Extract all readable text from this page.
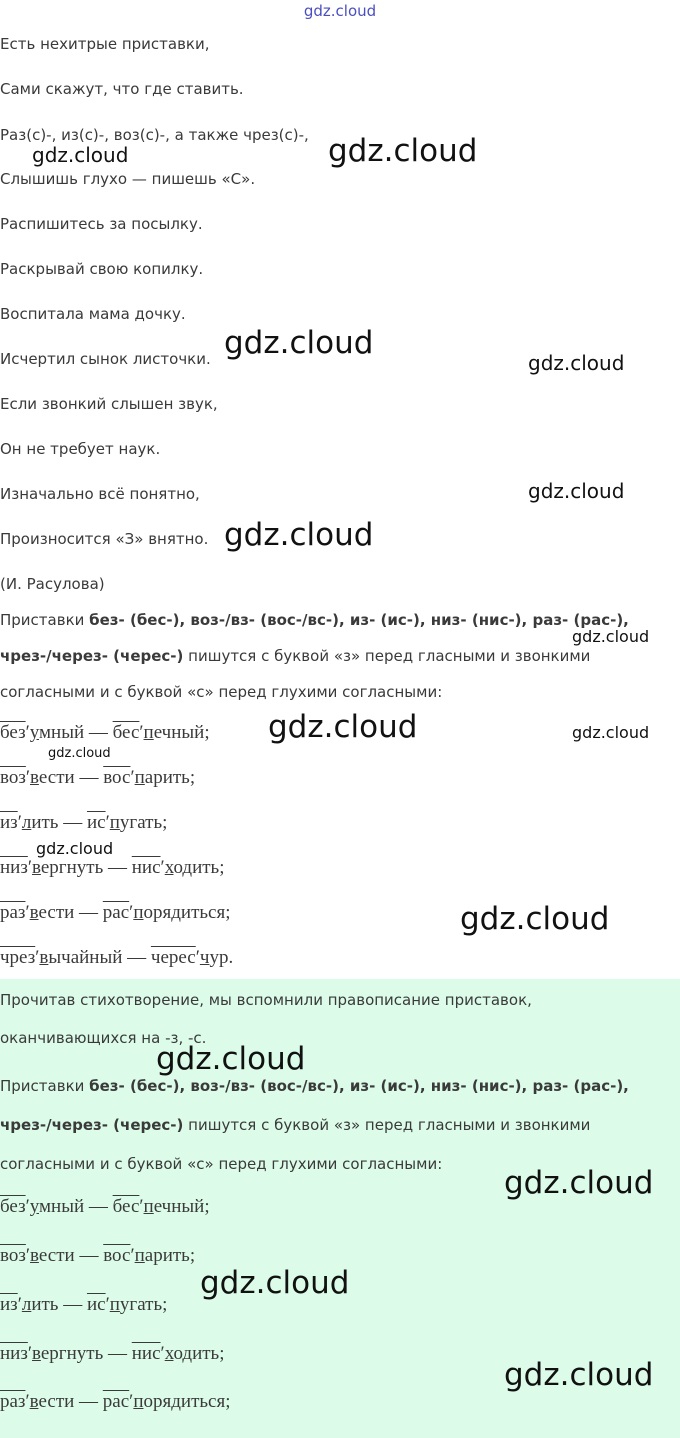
gdz.cloud
Есть нехитрые приставки,
Сами скажут, что где ставить.
Раз(с)-, из(с)-, воз(с)-, а также чрез(с)-,
Слышишь глухо — пишешь «С».
Распишитесь за посылку.
Раскрывай свою копилку.
Воспитала мама дочку.
Исчертил сынок листочки.
Если звонкий слышен звук,
Он не требует наук.
Изначально всё понятно,
Произносится «З» внятно.
(И. Расулова)
Приставки без- (бес-), воз-/вз- (вос-/вс-), из- (ис-), низ- (нис-), раз- (рас-),
чрез-/через- (черес-) пишутся с буквой «з» перед гласными и звонкими
согласными и с буквой «с» перед глухими согласными:
без′умный — бес′печный;
воз′вести — вос′парить;
из′лить — ис′пугать;
низ′вергнуть — нис′ходить;
раз′вести — рас′порядиться;
чрез′вычайный — черес′чур.
Прочитав стихотворение, мы вспомнили правописание приставок,
оканчивающихся на -з, -с.
Приставки без- (бес-), воз-/вз- (вос-/вс-), из- (ис-), низ- (нис-), раз- (рас-),
чрез-/через- (черес-) пишутся с буквой «з» перед гласными и звонкими
согласными и с буквой «с» перед глухими согласными:
без′умный — бес′печный;
воз′вести — вос′парить;
из′лить — ис′пугать;
низ′вергнуть — нис′ходить;
раз′вести — рас′порядиться;
gdz.cloud	gdz.cloud
gdz.cloud
gdz.cloud
gdz.cloud
gdz.cloud
gdz.cloud
gdz.cloud	gdz.cloud
gdz.cloud
gdz.cloud
gdz.cloud
gdz.cloud
gdz.cloud
gdz.cloud
gdz.cloud
